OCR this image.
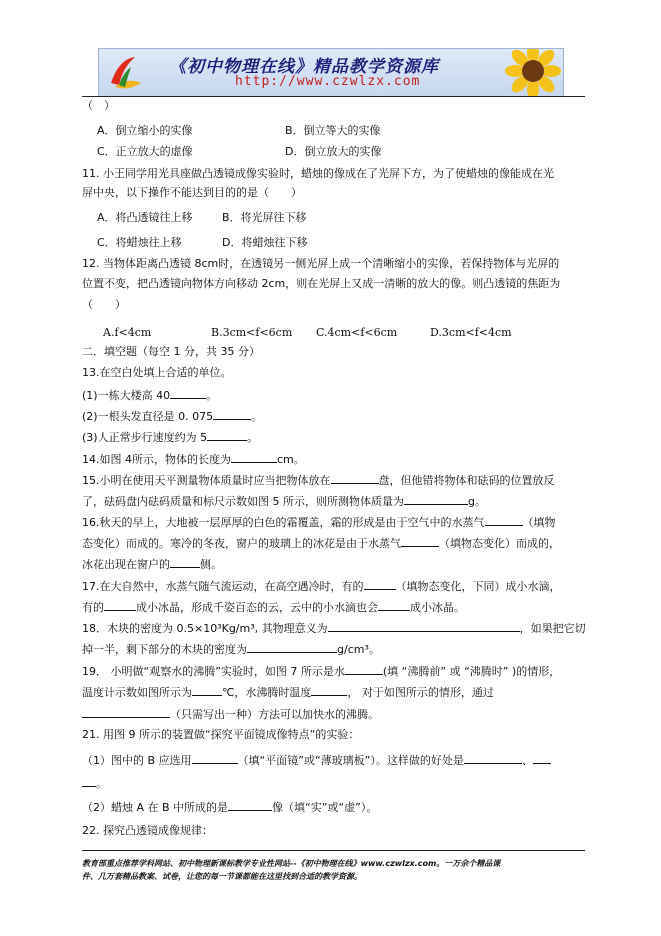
《初中物理在线》精品教学资源库
http://www.czwlzx.com
（　）
A．倒立缩小的实像	B．倒立等大的实像
C．正立放大的虚像	D．倒立放大的实像
11. 小王同学用光具座做凸透镜成像实验时，蜡烛的像成在了光屏下方，为了使蜡烛的像能成在光
屏中央，以下操作不能达到目的的是（　　）
A．将凸透镜往上移	B．将光屏往下移
C．将蜡烛往上移	D．将蜡烛往下移
12. 当物体距离凸透镜 8cm时，在透镜另一侧光屏上成一个清晰缩小的实像，若保持物体与光屏的
位置不变，把凸透镜向物体方向移动 2cm，则在光屏上又成一清晰的放大的像。则凸透镜的焦距为
（　　）
A.f<4cm	B.3cm<f<6cm C.4cm<f<6cm	D.3cm<f<4cm
二．填空题（每空 1 分，共 35 分）
13.在空白处填上合适的单位。
(1)一栋大楼高 40	。
(2)一根头发直径是 0. 075	。
(3)人正常步行速度约为 5	。
14.如图 4所示，物体的长度为	cm。
15.小明在使用天平测量物体质量时应当把物体放在	盘，但他错将物体和砝码的位置放反
了，砝码盘内砝码质量和标尺示数如图 5 所示，则所测物体质量为	g。
16.秋天的早上，大地被一层厚厚的白色的霜覆盖，霜的形成是由于空气中的水蒸气	（填物
态变化）而成的。寒冷的冬夜，窗户的玻璃上的冰花是由于水蒸气	（填物态变化）而成的，
冰花出现在窗户的	侧。
17.在大自然中，水蒸气随气流运动，在高空遇冷时，有的	（填物态变化，下同）成小水滴，
有的	成小冰晶，形成千姿百态的云，云中的小水滴也会	成小冰晶。
18．木块的密度为 0.5×10³Kg/m³, 其物理意义为	，如果把它切
掉一半，剩下部分的木块的密度为	g/cm³。
19． 小明做“观察水的沸腾”实验时，如图 7 所示是水	(填 “沸腾前” 或 “沸腾时” )的情形，
温度计示数如图所示为	℃，水沸腾时温度	， 对于如图所示的情形，通过
（只需写出一种）方法可以加快水的沸腾。
21. 用图 9 所示的装置做“探究平面镜成像特点”的实验：
（1）图中的 B 应选用	（填“平面镜”或“薄玻璃板”）。这样做的好处是	、
。
（2）蜡烛 A 在 B 中所成的是	像（填“实”或“虚”）。
22. 探究凸透镜成像规律：
教育部重点推荐学科网站、初中物理新课标教学专业性网站--《初中物理在线》www.czwlzx.com。一万余个精品课
件、几万套精品教案、试卷，让您的每一节课都能在这里找到合适的教学资源。
